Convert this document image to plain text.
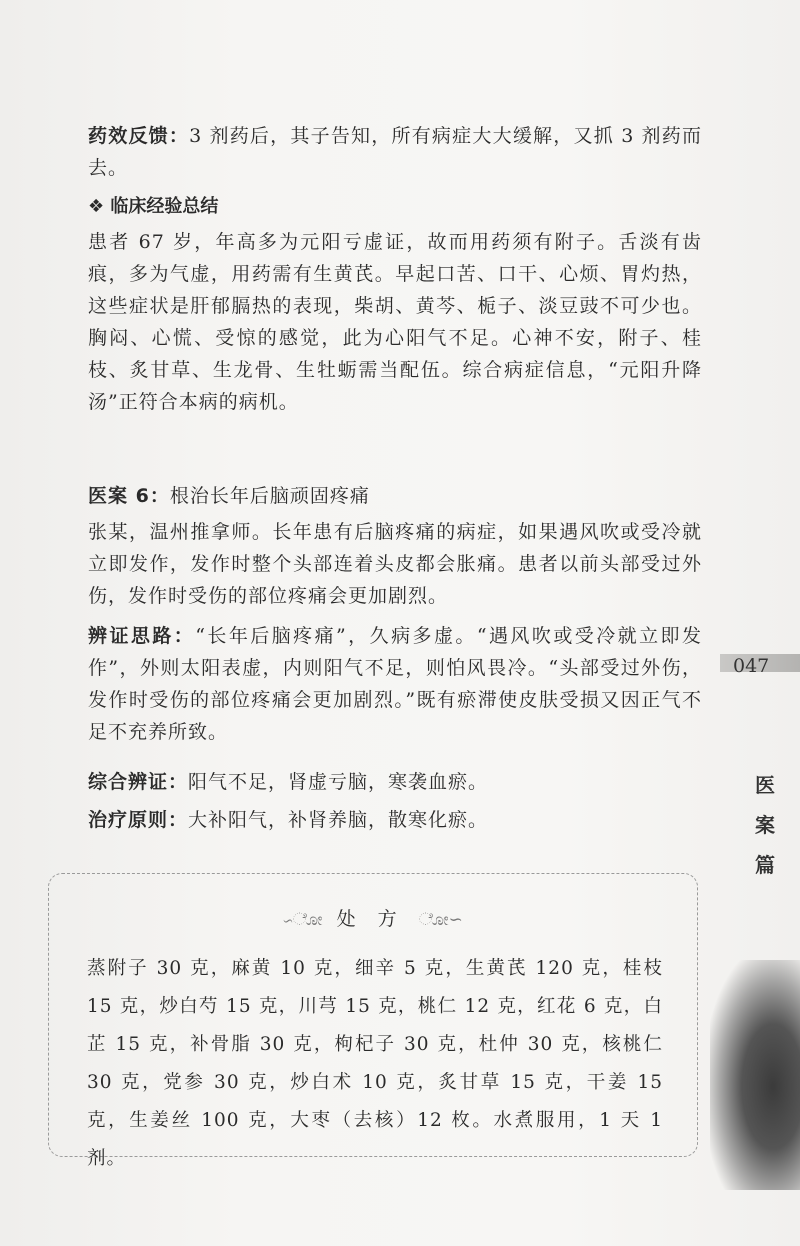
药效反馈：3 剂药后，其子告知，所有病症大大缓解，又抓 3 剂药而去。

❖ 临床经验总结

患者 67 岁，年高多为元阳亏虚证，故而用药须有附子。舌淡有齿痕，多为气虚，用药需有生黄芪。早起口苦、口干、心烦、胃灼热，这些症状是肝郁膈热的表现，柴胡、黄芩、栀子、淡豆豉不可少也。胸闷、心慌、受惊的感觉，此为心阳气不足。心神不安，附子、桂枝、炙甘草、生龙骨、生牡蛎需当配伍。综合病症信息，“元阳升降汤”正符合本病的病机。

医案 6：根治长年后脑顽固疼痛

张某，温州推拿师。长年患有后脑疼痛的病症，如果遇风吹或受冷就立即发作，发作时整个头部连着头皮都会胀痛。患者以前头部受过外伤，发作时受伤的部位疼痛会更加剧烈。

辨证思路：“长年后脑疼痛”，久病多虚。“遇风吹或受冷就立即发作”，外则太阳表虚，内则阳气不足，则怕风畏冷。“头部受过外伤，发作时受伤的部位疼痛会更加剧烈。”既有瘀滞使皮肤受损又因正气不足不充养所致。

综合辨证：阳气不足，肾虚亏脑，寒袭血瘀。

治疗原则：大补阳气，补肾养脑，散寒化瘀。

∽ೋ 处 方 ೋ∽
蒸附子 30 克，麻黄 10 克，细辛 5 克，生黄芪 120 克，桂枝 15 克，炒白芍 15 克，川芎 15 克，桃仁 12 克，红花 6 克，白芷 15 克，补骨脂 30 克，枸杞子 30 克，杜仲 30 克，核桃仁 30 克，党参 30 克，炒白术 10 克，炙甘草 15 克，干姜 15 克，生姜丝 100 克，大枣（去核）12 枚。水煮服用，1 天 1 剂。
047
医案篇
